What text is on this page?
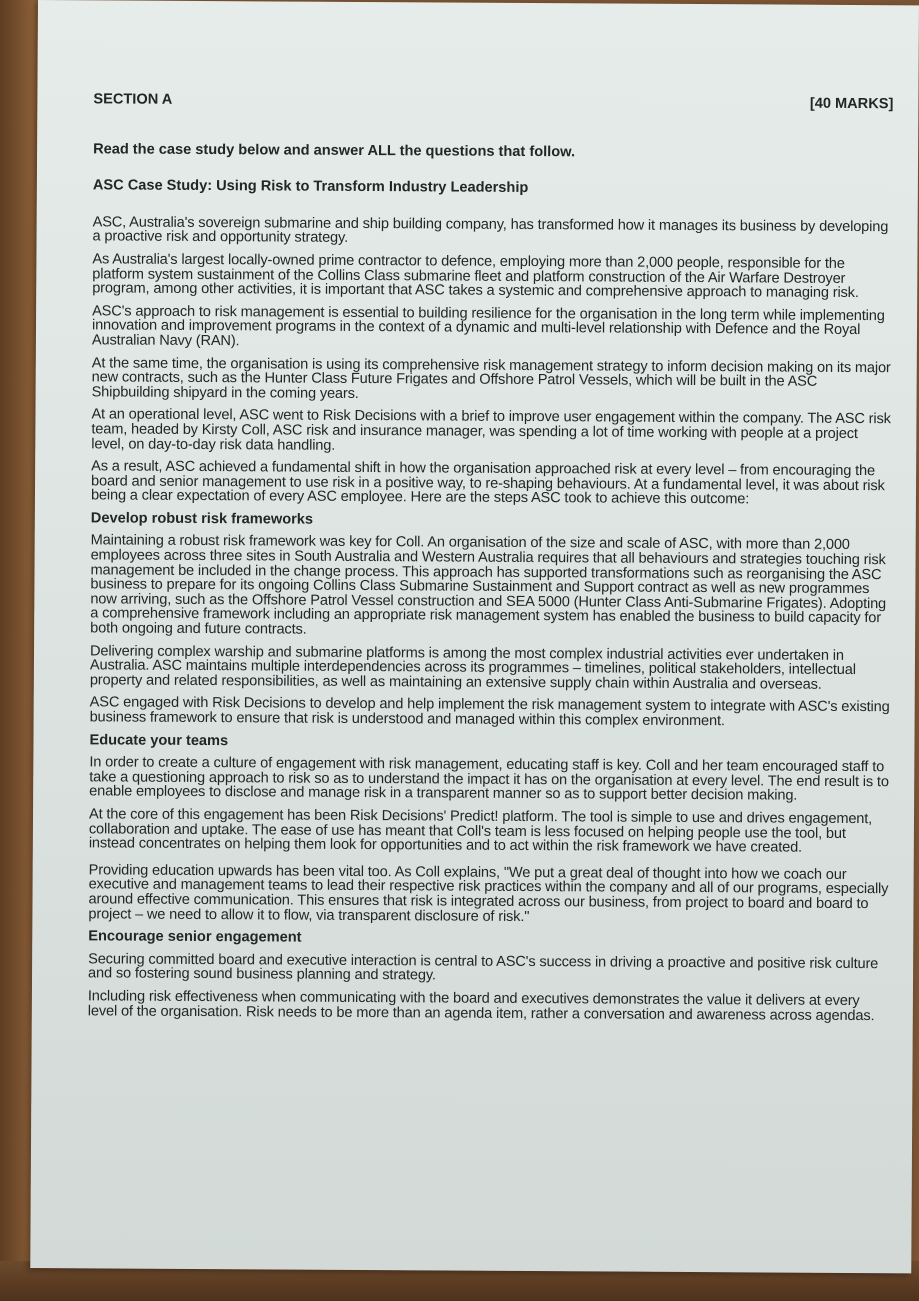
SECTION A	[40 MARKS]
Read the case study below and answer ALL the questions that follow.
ASC Case Study: Using Risk to Transform Industry Leadership

ASC, Australia's sovereign submarine and ship building company, has transformed how it manages its business by developing a proactive risk and opportunity strategy.

As Australia's largest locally-owned prime contractor to defence, employing more than 2,000 people, responsible for the platform system sustainment of the Collins Class submarine fleet and platform construction of the Air Warfare Destroyer program, among other activities, it is important that ASC takes a systemic and comprehensive approach to managing risk.

ASC's approach to risk management is essential to building resilience for the organisation in the long term while implementing innovation and improvement programs in the context of a dynamic and multi-level relationship with Defence and the Royal Australian Navy (RAN).

At the same time, the organisation is using its comprehensive risk management strategy to inform decision making on its major new contracts, such as the Hunter Class Future Frigates and Offshore Patrol Vessels, which will be built in the ASC Shipbuilding shipyard in the coming years.

At an operational level, ASC went to Risk Decisions with a brief to improve user engagement within the company. The ASC risk team, headed by Kirsty Coll, ASC risk and insurance manager, was spending a lot of time working with people at a project level, on day-to-day risk data handling.

As a result, ASC achieved a fundamental shift in how the organisation approached risk at every level – from encouraging the board and senior management to use risk in a positive way, to re-shaping behaviours. At a fundamental level, it was about risk being a clear expectation of every ASC employee. Here are the steps ASC took to achieve this outcome:

Develop robust risk frameworks

Maintaining a robust risk framework was key for Coll. An organisation of the size and scale of ASC, with more than 2,000 employees across three sites in South Australia and Western Australia requires that all behaviours and strategies touching risk management be included in the change process. This approach has supported transformations such as reorganising the ASC business to prepare for its ongoing Collins Class Submarine Sustainment and Support contract as well as new programmes now arriving, such as the Offshore Patrol Vessel construction and SEA 5000 (Hunter Class Anti-Submarine Frigates). Adopting a comprehensive framework including an appropriate risk management system has enabled the business to build capacity for both ongoing and future contracts.

Delivering complex warship and submarine platforms is among the most complex industrial activities ever undertaken in Australia. ASC maintains multiple interdependencies across its programmes – timelines, political stakeholders, intellectual property and related responsibilities, as well as maintaining an extensive supply chain within Australia and overseas.

ASC engaged with Risk Decisions to develop and help implement the risk management system to integrate with ASC's existing business framework to ensure that risk is understood and managed within this complex environment.

Educate your teams

In order to create a culture of engagement with risk management, educating staff is key. Coll and her team encouraged staff to take a questioning approach to risk so as to understand the impact it has on the organisation at every level. The end result is to enable employees to disclose and manage risk in a transparent manner so as to support better decision making.

At the core of this engagement has been Risk Decisions' Predict! platform. The tool is simple to use and drives engagement, collaboration and uptake. The ease of use has meant that Coll's team is less focused on helping people use the tool, but instead concentrates on helping them look for opportunities and to act within the risk framework we have created.

Providing education upwards has been vital too. As Coll explains, "We put a great deal of thought into how we coach our executive and management teams to lead their respective risk practices within the company and all of our programs, especially around effective communication. This ensures that risk is integrated across our business, from project to board and board to project – we need to allow it to flow, via transparent disclosure of risk."

Encourage senior engagement

Securing committed board and executive interaction is central to ASC's success in driving a proactive and positive risk culture and so fostering sound business planning and strategy.

Including risk effectiveness when communicating with the board and executives demonstrates the value it delivers at every level of the organisation. Risk needs to be more than an agenda item, rather a conversation and awareness across agendas.
